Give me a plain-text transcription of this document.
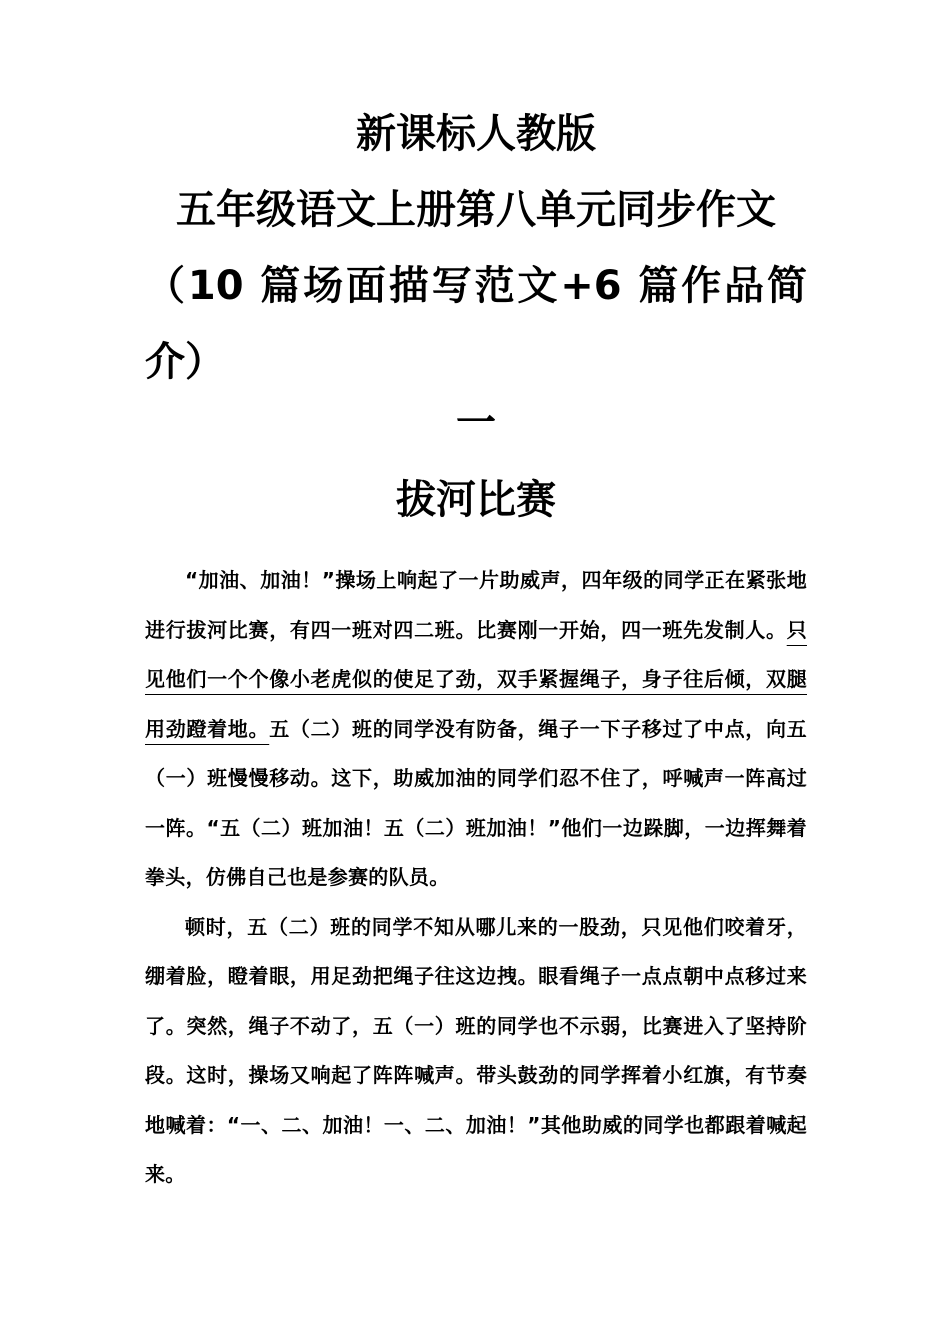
新课标人教版
五年级语文上册第八单元同步作文
（10 篇场面描写范文+6 篇作品简
介）
一
拔河比赛

“加油、加油！”操场上响起了一片助威声，四年级的同学正在紧张地进行拔河比赛，有四一班对四二班。比赛刚一开始，四一班先发制人。只见他们一个个像小老虎似的使足了劲，双手紧握绳子，身子往后倾，双腿用劲蹬着地。五（二）班的同学没有防备，绳子一下子移过了中点，向五（一）班慢慢移动。这下，助威加油的同学们忍不住了，呼喊声一阵高过一阵。“五（二）班加油！五（二）班加油！”他们一边跺脚，一边挥舞着拳头，仿佛自己也是参赛的队员。

顿时，五（二）班的同学不知从哪儿来的一股劲，只见他们咬着牙，绷着脸，瞪着眼，用足劲把绳子往这边拽。眼看绳子一点点朝中点移过来了。突然，绳子不动了，五（一）班的同学也不示弱，比赛进入了坚持阶段。这时，操场又响起了阵阵喊声。带头鼓劲的同学挥着小红旗，有节奏地喊着：“一、二、加油！一、二、加油！”其他助威的同学也都跟着喊起来。
